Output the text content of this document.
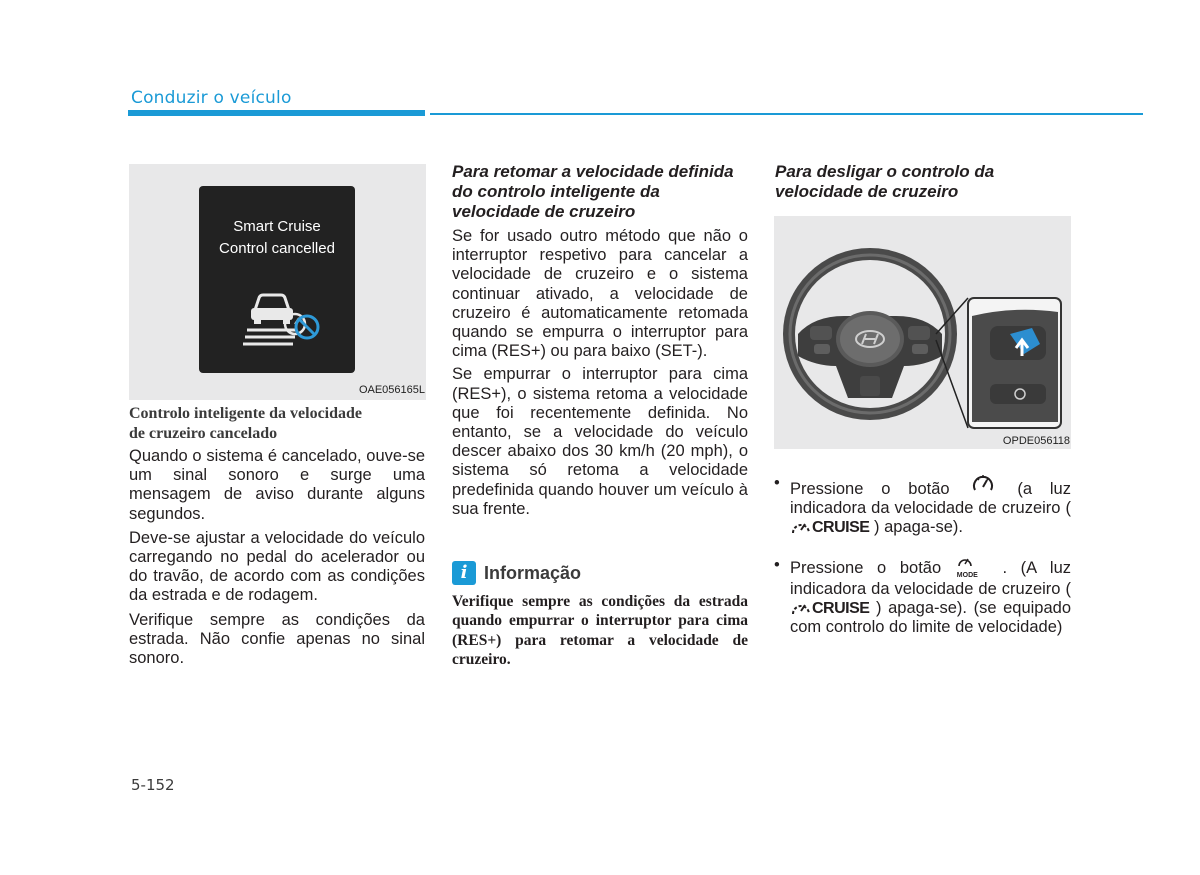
Conduzir o veículo
Smart Cruise
Control cancelled
OAE056165L

Controlo inteligente da velocidade

de cruzeiro cancelado

Quando o sistema é cancelado, ouve-se um sinal sonoro e surge uma mensagem de aviso durante alguns segundos.

Deve-se ajustar a velocidade do veículo carregando no pedal do acelerador ou do travão, de acordo com as condições da estrada e de rodagem.

Verifique sempre as condições da estrada. Não confie apenas no sinal sonoro.

Para retomar a velocidade definida do controlo inteligente da velocidade de cruzeiro

Se for usado outro método que não o interruptor respetivo para cancelar a velocidade de cruzeiro e o sistema continuar ativado, a velocidade de cruzeiro é automaticamente retomada quando se empurra o interruptor para cima (RES+) ou para baixo (SET-).

Se empurrar o interruptor para cima (RES+), o sistema retoma a velocidade que foi recentemente definida. No entanto, se a velocidade do veículo descer abaixo dos 30 km/h (20 mph), o sistema só retoma a velocidade predefinida quando houver um veículo à sua frente.

i Informação

Verifique sempre as condições da estrada quando empurrar o interruptor para cima (RES+) para retomar a velocidade de cruzeiro.

Para desligar o controlo da velocidade de cruzeiro

OPDE056118
• Pressione o botão	(a luz indicadora da velocidade de cruzeiro (
CRUISE ) apaga-se).

• Pressione o botão MODE . (A luz indicadora da velocidade de cruzeiro (
CRUISE ) apaga-se). (se equipado com controlo do limite de velocidade)

5-152
